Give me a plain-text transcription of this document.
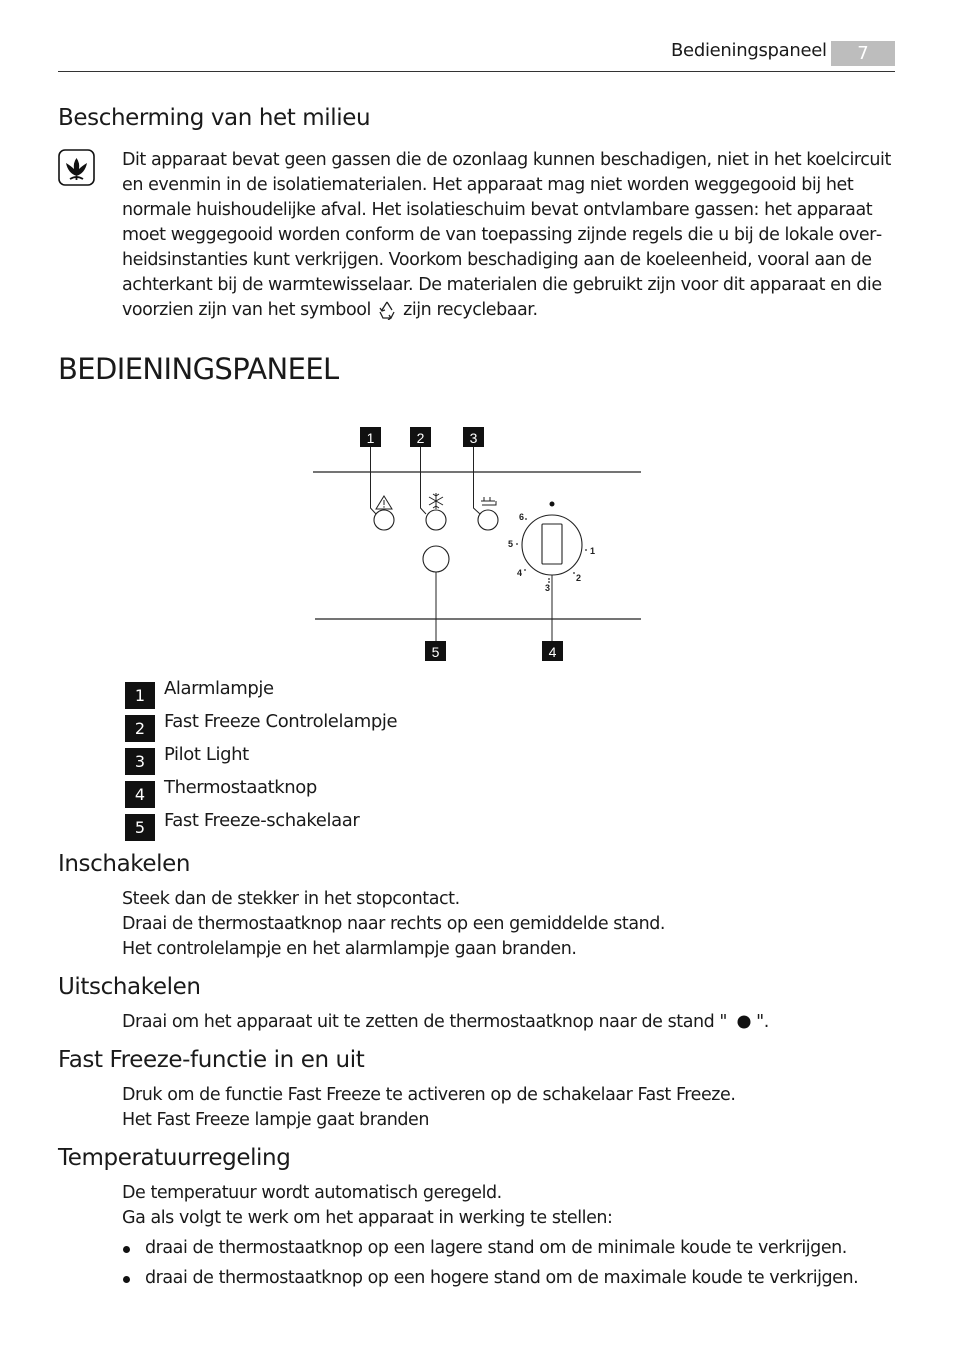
Bedieningspaneel	7
Bescherming van het milieu

Dit apparaat bevat geen gassen die de ozonlaag kunnen beschadigen, niet in het koelcircuit en evenmin in de isolatiematerialen. Het apparaat mag niet worden weggegooid bij het normale huishoudelijke afval. Het isolatieschuim bevat ontvlambare gassen: het apparaat moet weggegooid worden conform de van toepassing zijnde regels die u bij de lokale overheidsinstanties kunt verkrijgen. Voorkom beschadiging aan de koeleenheid, vooral aan de achterkant bij de warmtewisselaar. De materialen die gebruikt zijn voor dit apparaat en die voorzien zijn van het symbool zijn recyclebaar.

BEDIENINGSPANEEL
1	2	3
6
5
4
3
2
1
5	4
1	Alarmlampje
2	Fast Freeze Controlelampje
3	Pilot Light
4	Thermostaatknop
5	Fast Freeze-schakelaar
Inschakelen

Steek dan de stekker in het stopcontact.

Draai de thermostaatknop naar rechts op een gemiddelde stand.

Het controlelampje en het alarmlampje gaan branden.

Uitschakelen

Draai om het apparaat uit te zetten de thermostaatknop naar de stand " ".

Fast Freeze-functie in en uit

Druk om de functie Fast Freeze te activeren op de schakelaar Fast Freeze.

Het Fast Freeze lampje gaat branden

Temperatuurregeling

De temperatuur wordt automatisch geregeld.

Ga als volgt te werk om het apparaat in werking te stellen:

draai de thermostaatknop op een lagere stand om de minimale koude te verkrijgen.
draai de thermostaatknop op een hogere stand om de maximale koude te verkrijgen.
